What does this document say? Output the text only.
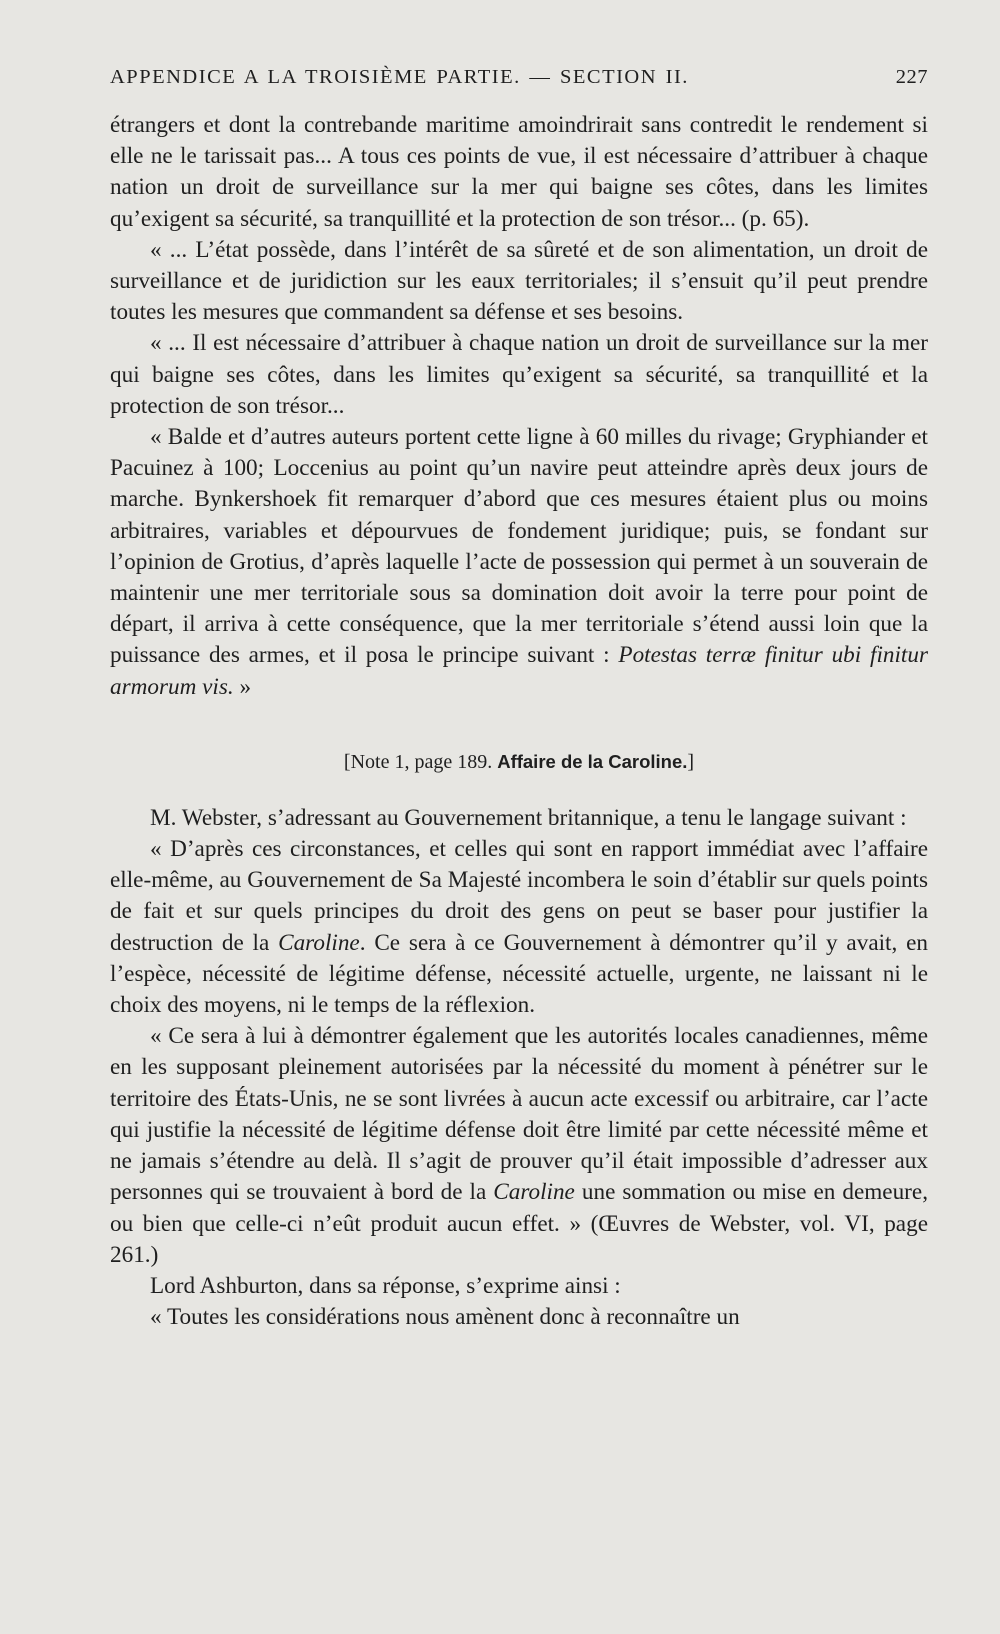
APPENDICE A LA TROISIÈME PARTIE. — SECTION II.	227

étrangers et dont la contrebande maritime amoindrirait sans contredit le rendement si elle ne le tarissait pas... A tous ces points de vue, il est nécessaire d’attribuer à chaque nation un droit de surveillance sur la mer qui baigne ses côtes, dans les limites qu’exigent sa sécurité, sa tranquillité et la protection de son trésor... (p. 65).

« ... L’état possède, dans l’intérêt de sa sûreté et de son alimentation, un droit de surveillance et de juridiction sur les eaux territoriales; il s’ensuit qu’il peut prendre toutes les mesures que commandent sa défense et ses besoins.

« ... Il est nécessaire d’attribuer à chaque nation un droit de surveillance sur la mer qui baigne ses côtes, dans les limites qu’exigent sa sécurité, sa tranquillité et la protection de son trésor...

« Balde et d’autres auteurs portent cette ligne à 60 milles du rivage; Gryphiander et Pacuinez à 100; Loccenius au point qu’un navire peut atteindre après deux jours de marche. Bynkershoek fit remarquer d’abord que ces mesures étaient plus ou moins arbitraires, variables et dépourvues de fondement juridique; puis, se fondant sur l’opinion de Grotius, d’après laquelle l’acte de possession qui permet à un souverain de maintenir une mer territoriale sous sa domination doit avoir la terre pour point de départ, il arriva à cette conséquence, que la mer territoriale s’étend aussi loin que la puissance des armes, et il posa le principe suivant : Potestas terræ finitur ubi finitur armorum vis. »

[Note 1, page 189. Affaire de la Caroline.]

M. Webster, s’adressant au Gouvernement britannique, a tenu le langage suivant :

« D’après ces circonstances, et celles qui sont en rapport immédiat avec l’affaire elle-même, au Gouvernement de Sa Majesté incombera le soin d’établir sur quels points de fait et sur quels principes du droit des gens on peut se baser pour justifier la destruction de la Caroline. Ce sera à ce Gouvernement à démontrer qu’il y avait, en l’espèce, nécessité de légitime défense, nécessité actuelle, urgente, ne laissant ni le choix des moyens, ni le temps de la réflexion.

« Ce sera à lui à démontrer également que les autorités locales canadiennes, même en les supposant pleinement autorisées par la nécessité du moment à pénétrer sur le territoire des États-Unis, ne se sont livrées à aucun acte excessif ou arbitraire, car l’acte qui justifie la nécessité de légitime défense doit être limité par cette nécessité même et ne jamais s’étendre au delà. Il s’agit de prouver qu’il était impossible d’adresser aux personnes qui se trouvaient à bord de la Caroline une sommation ou mise en demeure, ou bien que celle-ci n’eût produit aucun effet. » (Œuvres de Webster, vol. VI, page 261.)

Lord Ashburton, dans sa réponse, s’exprime ainsi :

« Toutes les considérations nous amènent donc à reconnaître un
